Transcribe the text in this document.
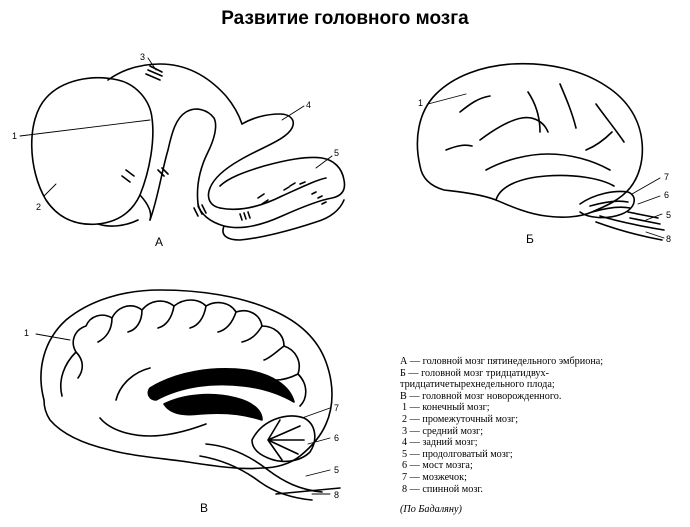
Развитие головного мозга
А	Б
В
1
2
3
4
5
1
7
6
5
8
1
7
6
5
8
А — головной мозг пятинедельного эмбриона;
Б — головной мозг тридцатидвух-
тридцатичетырехнедельного плода;
В — головной мозг новорожденного.
1 — конечный мозг;
2 — промежуточный мозг;
3 — средний мозг;
4 — задний мозг;
5 — продолговатый мозг;
6 — мост мозга;
7 — мозжечок;
8 — спинной мозг.
(По Бадаляну)
